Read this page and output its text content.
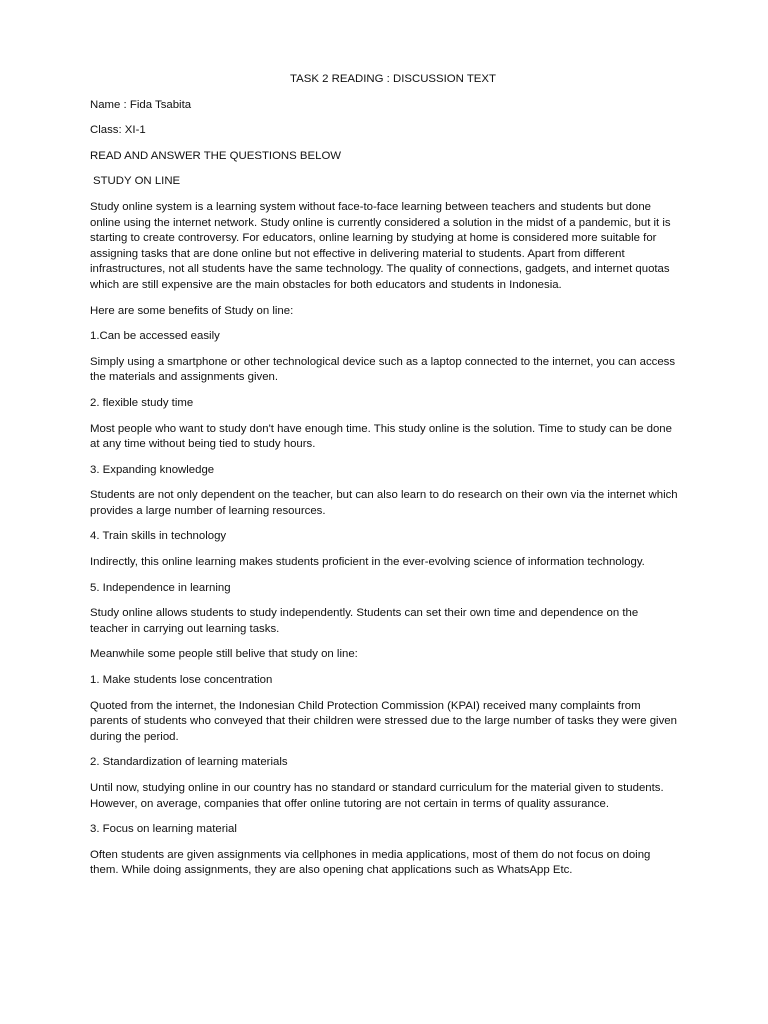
TASK 2 READING : DISCUSSION TEXT

Name : Fida Tsabita

Class: XI-1

READ AND ANSWER THE QUESTIONS BELOW

STUDY ON LINE

Study online system is a learning system without face-to-face learning between teachers and students but done online using the internet network. Study online is currently considered a solution in the midst of a pandemic, but it is starting to create controversy. For educators, online learning by studying at home is considered more suitable for assigning tasks that are done online but not effective in delivering material to students. Apart from different infrastructures, not all students have the same technology. The quality of connections, gadgets, and internet quotas which are still expensive are the main obstacles for both educators and students in Indonesia.

Here are some benefits of Study on line:

1.Can be accessed easily

Simply using a smartphone or other technological device such as a laptop connected to the internet, you can access the materials and assignments given.

2. flexible study time

Most people who want to study don't have enough time. This study online is the solution. Time to study can be done at any time without being tied to study hours.

3. Expanding knowledge

Students are not only dependent on the teacher, but can also learn to do research on their own via the internet which provides a large number of learning resources.

4. Train skills in technology

Indirectly, this online learning makes students proficient in the ever-evolving science of information technology.

5. Independence in learning

Study online allows students to study independently. Students can set their own time and dependence on the teacher in carrying out learning tasks.

Meanwhile some people still belive that study on line:

1. Make students lose concentration

Quoted from the internet, the Indonesian Child Protection Commission (KPAI) received many complaints from parents of students who conveyed that their children were stressed due to the large number of tasks they were given during the period.

2. Standardization of learning materials

Until now, studying online in our country has no standard or standard curriculum for the material given to students. However, on average, companies that offer online tutoring are not certain in terms of quality assurance.

3. Focus on learning material

Often students are given assignments via cellphones in media applications, most of them do not focus on doing them. While doing assignments, they are also opening chat applications such as WhatsApp Etc.
